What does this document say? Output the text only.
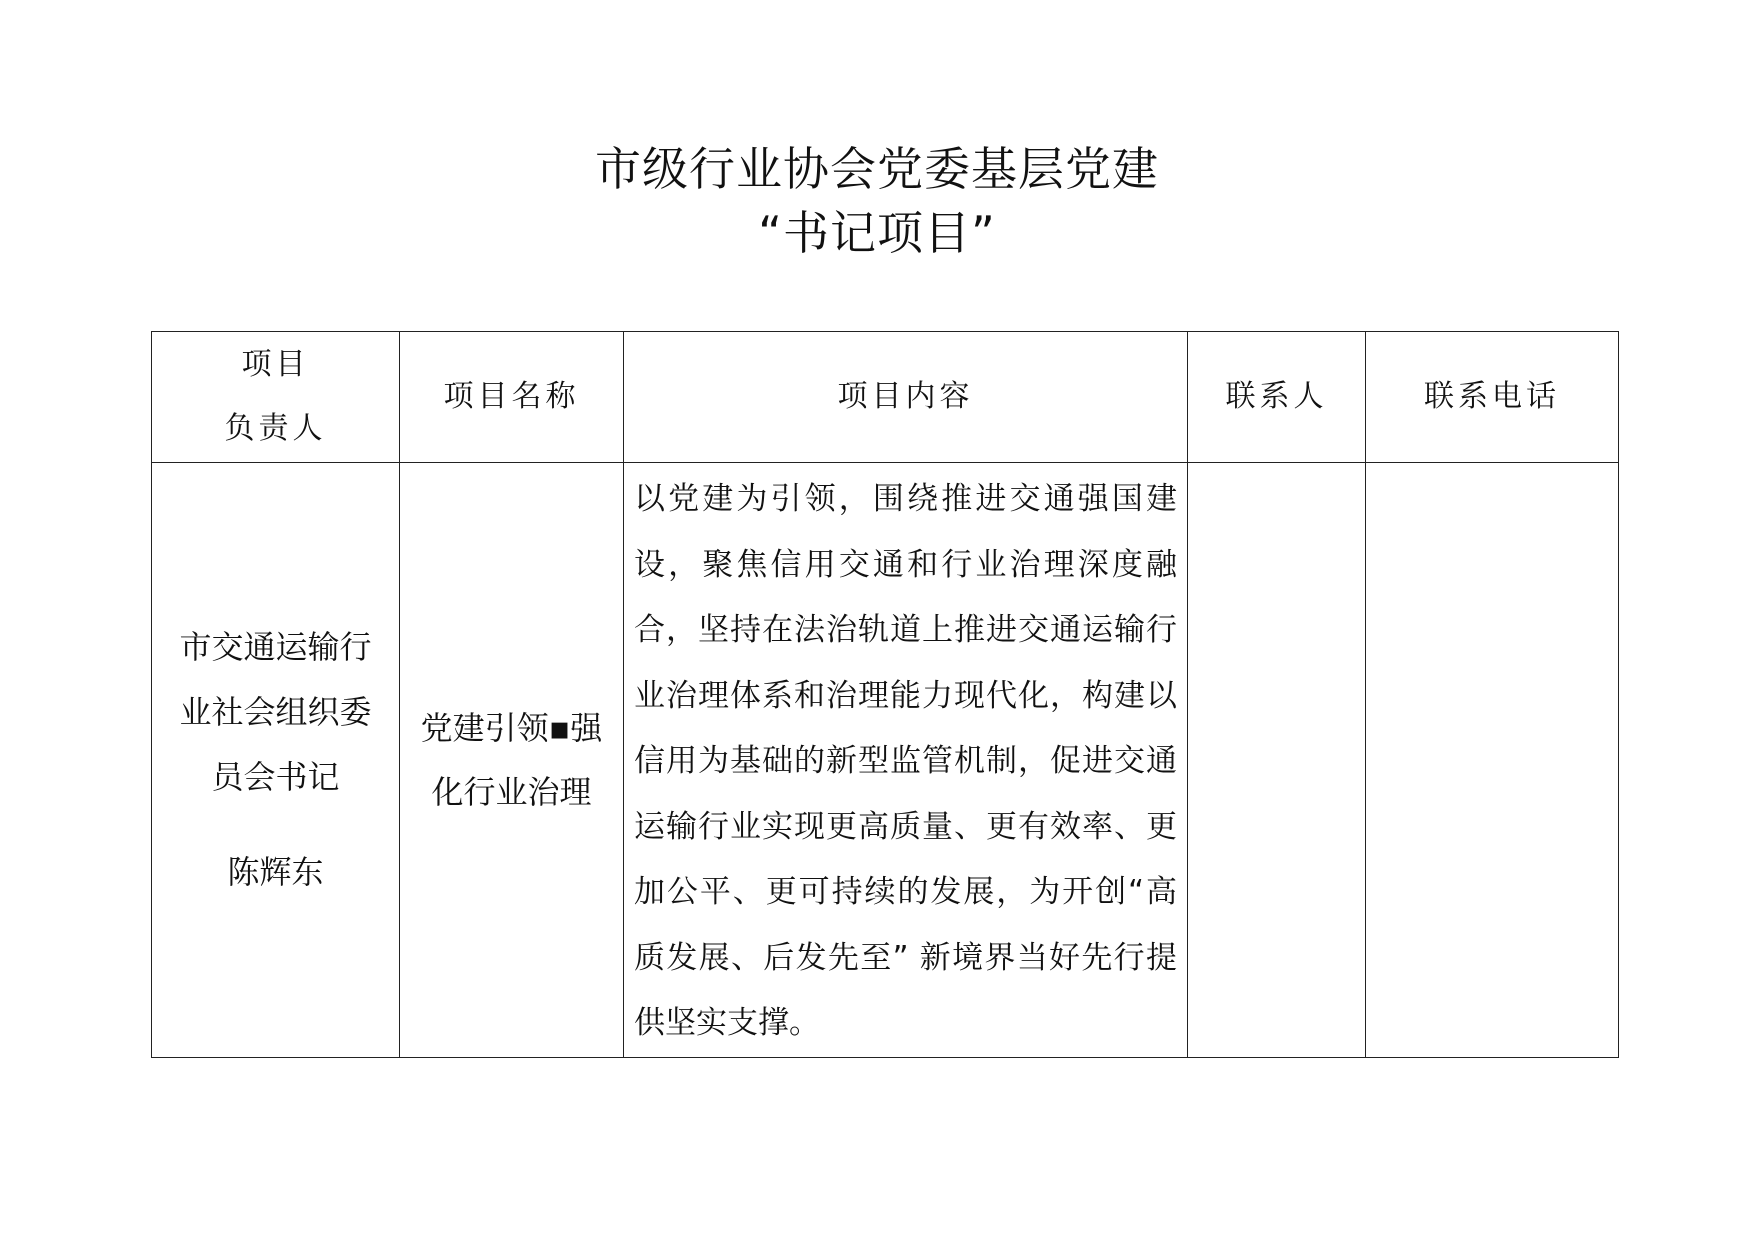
市级行业协会党委基层党建
“书记项目”
项目
负责人	项目名称	项目内容	联系人	联系电话

市交通运输行业社会组织委员会书记
陈辉东	党建引领▪强化行业治理	以党建为引领，围绕推进交通强国建设，聚焦信用交通和行业治理深度融合，坚持在法治轨道上推进交通运输行业治理体系和治理能力现代化，构建以信用为基础的新型监管机制，促进交通运输行业实现更高质量、更有效率、更加公平、更可持续的发展，为开创“高质发展、后发先至” 新境界当好先行提供坚实支撑。		
